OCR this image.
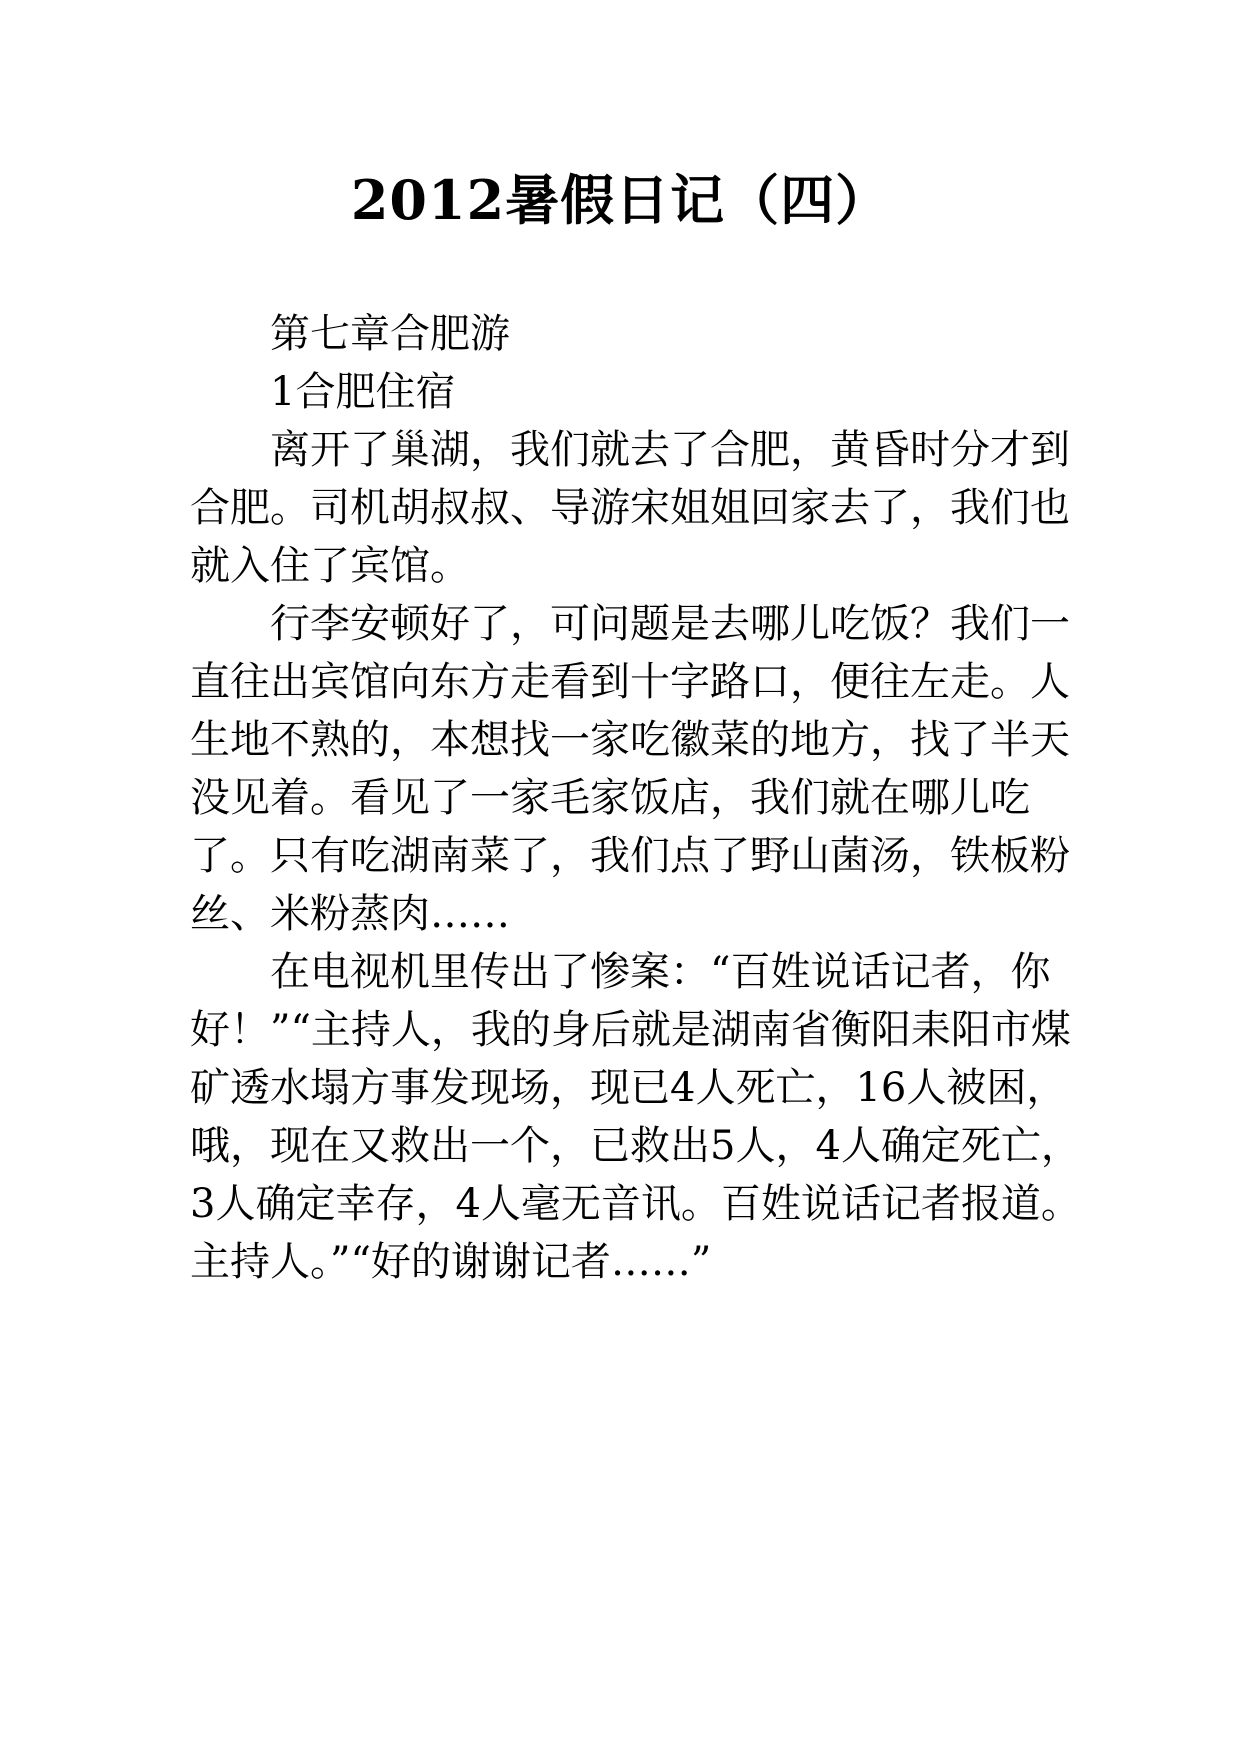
2012暑假日记（四）

第七章合肥游

1合肥住宿

离开了巢湖，我们就去了合肥，黄昏时分才到合肥。司机胡叔叔、导游宋姐姐回家去了，我们也就入住了宾馆。

行李安顿好了，可问题是去哪儿吃饭？我们一直往出宾馆向东方走看到十字路口，便往左走。人生地不熟的，本想找一家吃徽菜的地方，找了半天没见着。看见了一家毛家饭店，我们就在哪儿吃了。只有吃湖南菜了，我们点了野山菌汤，铁板粉丝、米粉蒸肉……

在电视机里传出了惨案：“百姓说话记者，你好！”“主持人，我的身后就是湖南省衡阳耒阳市煤矿透水塌方事发现场，现已4人死亡，16人被困，哦，现在又救出一个，已救出5人，4人确定死亡，3人确定幸存，4人毫无音讯。百姓说话记者报道。主持人。”“好的谢谢记者……”
